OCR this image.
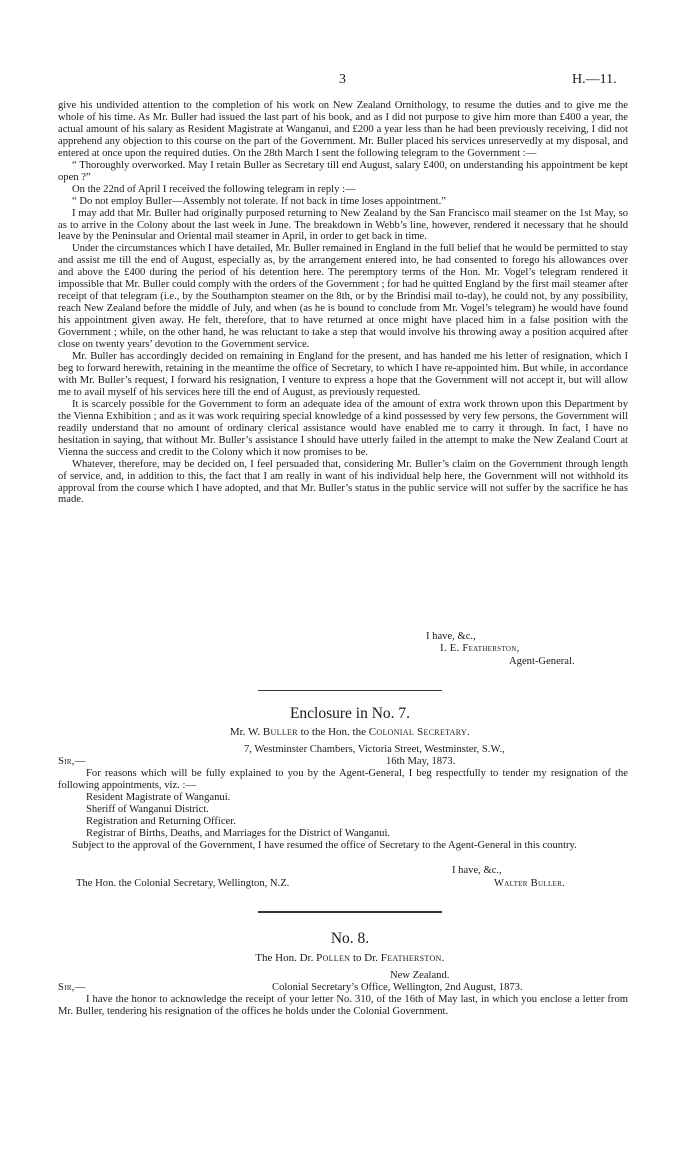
3	H.—11.

give his undivided attention to the completion of his work on New Zealand Ornithology, to resume the duties and to give me the whole of his time. As Mr. Buller had issued the last part of his book, and as I did not purpose to give him more than £400 a year, the actual amount of his salary as Resident Magistrate at Wanganui, and £200 a year less than he had been previously receiving, I did not apprehend any objection to this course on the part of the Government. Mr. Buller placed his services unreservedly at my disposal, and entered at once upon the required duties. On the 28th March I sent the following telegram to the Government :—

“ Thoroughly overworked. May I retain Buller as Secretary till end August, salary £400, on understanding his appointment be kept open ?”

On the 22nd of April I received the following telegram in reply :—

“ Do not employ Buller—Assembly not tolerate. If not back in time loses appointment.”

I may add that Mr. Buller had originally purposed returning to New Zealand by the San Francisco mail steamer on the 1st May, so as to arrive in the Colony about the last week in June. The breakdown in Webb’s line, however, rendered it necessary that he should leave by the Peninsular and Oriental mail steamer in April, in order to get back in time.

Under the circumstances which I have detailed, Mr. Buller remained in England in the full belief that he would be permitted to stay and assist me till the end of August, especially as, by the arrangement entered into, he had consented to forego his allowances over and above the £400 during the period of his detention here. The peremptory terms of the Hon. Mr. Vogel’s telegram rendered it impossible that Mr. Buller could comply with the orders of the Government ; for had he quitted England by the first mail steamer after receipt of that telegram (i.e., by the Southampton steamer on the 8th, or by the Brindisi mail to-day), he could not, by any possibility, reach New Zealand before the middle of July, and when (as he is bound to conclude from Mr. Vogel’s telegram) he would have found his appointment given away. He felt, therefore, that to have returned at once might have placed him in a false position with the Government ; while, on the other hand, he was reluctant to take a step that would involve his throwing away a position acquired after close on twenty years’ devotion to the Government service.

Mr. Buller has accordingly decided on remaining in England for the present, and has handed me his letter of resignation, which I beg to forward herewith, retaining in the meantime the office of Secretary, to which I have re-appointed him. But while, in accordance with Mr. Buller’s request, I forward his resignation, I venture to express a hope that the Government will not accept it, but will allow me to avail myself of his services here till the end of August, as previously requested.

It is scarcely possible for the Government to form an adequate idea of the amount of extra work thrown upon this Department by the Vienna Exhibition ; and as it was work requiring special knowledge of a kind possessed by very few persons, the Government will readily understand that no amount of ordinary clerical assistance would have enabled me to carry it through. In fact, I have no hesitation in saying, that without Mr. Buller’s assistance I should have utterly failed in the attempt to make the New Zealand Court at Vienna the success and credit to the Colony which it now promises to be.

Whatever, therefore, may be decided on, I feel persuaded that, considering Mr. Buller’s claim on the Government through length of service, and, in addition to this, the fact that I am really in want of his individual help here, the Government will not withhold its approval from the course which I have adopted, and that Mr. Buller’s status in the public service will not suffer by the sacrifice he has made.

I have, &c.,
I. E. Featherston,
Agent-General.
Enclosure in No. 7.
Mr. W. Buller to the Hon. the Colonial Secretary.
7, Westminster Chambers, Victoria Street, Westminster, S.W.,
Sir,—	16th May, 1873.

For reasons which will be fully explained to you by the Agent-General, I beg respectfully to tender my resignation of the following appointments, viz. :—

Resident Magistrate of Wanganui.

Sheriff of Wanganui District.

Registration and Returning Officer.

Registrar of Births, Deaths, and Marriages for the District of Wanganui.

Subject to the approval of the Government, I have resumed the office of Secretary to the Agent-General in this country.

I have, &c.,
The Hon. the Colonial Secretary, Wellington, N.Z.	Walter Buller.
No. 8.
The Hon. Dr. Pollen to Dr. Featherston.
New Zealand.
Sir,—	Colonial Secretary’s Office, Wellington, 2nd August, 1873.

I have the honor to acknowledge the receipt of your letter No. 310, of the 16th of May last, in which you enclose a letter from Mr. Buller, tendering his resignation of the offices he holds under the Colonial Government.
